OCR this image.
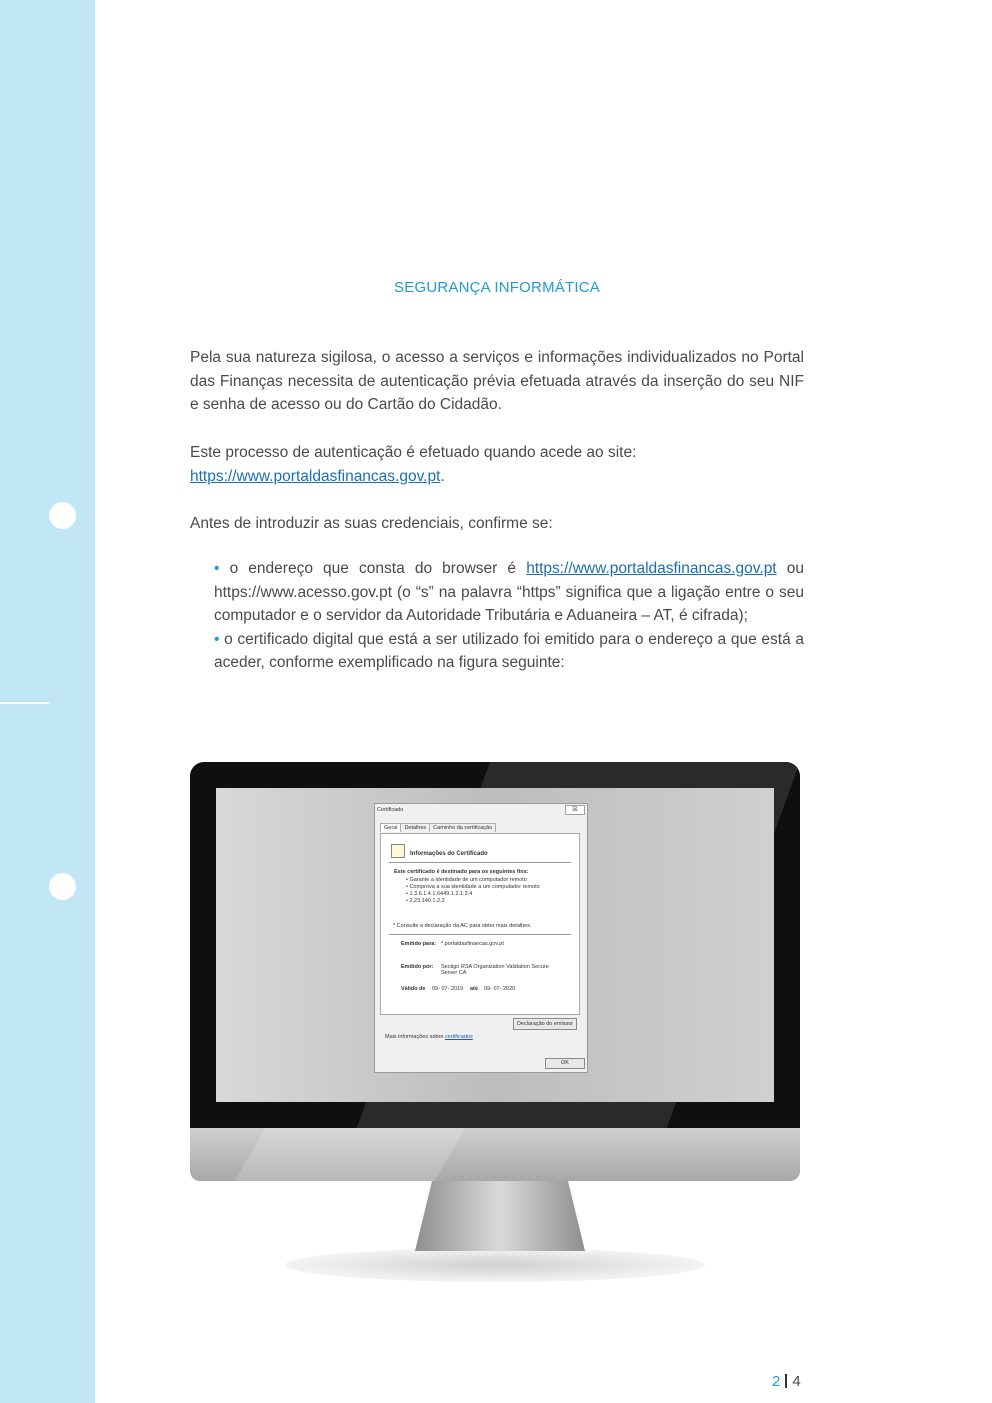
SEGURANÇA INFORMÁTICA
Pela sua natureza sigilosa, o acesso a serviços e informações individualizados no Portal das Finanças necessita de autenticação prévia efetuada através da inserção do seu NIF e senha de acesso ou do Cartão do Cidadão.
Este processo de autenticação é efetuado quando acede ao site:
https://www.portaldasfinancas.gov.pt.
Antes de introduzir as suas credenciais, confirme se:

• o endereço que consta do browser é https://www.portaldasfinancas.gov.pt ou https://www.acesso.gov.pt (o “s” na palavra “https” significa que a ligação entre o seu computador e o servidor da Autoridade Tributária e Aduaneira – AT, é cifrada);

• o certificado digital que está a ser utilizado foi emitido para o endereço a que está a aceder, conforme exemplificado na figura seguinte:

Certificado	☒
Geral Detalhes Caminho da certificação
Informações do Certificado
Este certificado é destinado para os seguintes fins:
• Garante a identidade de um computador remoto
• Comprova a sua identidade a um computador remoto
• 1.3.6.1.4.1.6449.1.2.1.3.4
• 2.23.140.1.2.2
* Consulte a declaração da AC para obter mais detalhes.
Emitido para: *.portaldasfinancas.gov.pt
Emitido por: Sectigo RSA Organization Validation Secure Server CA
Válido de 09- 07- 2019 até 09- 07- 2020
Declaração do emissor
Mais informações sobre certificados
OK
2 4
